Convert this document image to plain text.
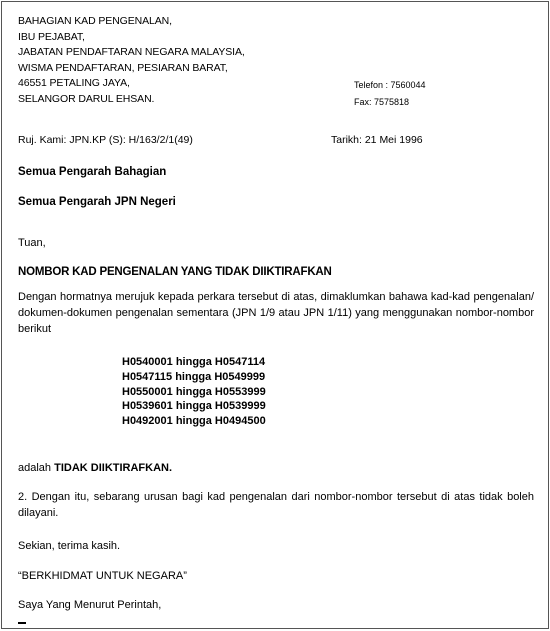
BAHAGIAN KAD PENGENALAN,
IBU PEJABAT,
JABATAN PENDAFTARAN NEGARA MALAYSIA,
WISMA PENDAFTARAN, PESIARAN BARAT,
46551 PETALING JAYA,
SELANGOR DARUL EHSAN.
Telefon : 7560044
Fax: 7575818
Ruj. Kami: JPN.KP (S): H/163/2/1(49)	Tarikh: 21 Mei 1996
Semua Pengarah Bahagian
Semua Pengarah JPN Negeri
Tuan,
NOMBOR KAD PENGENALAN YANG TIDAK DIIKTIRAFKAN

Dengan hormatnya merujuk kepada perkara tersebut di atas, dimaklumkan bahawa kad-kad pengenalan/ dokumen-dokumen pengenalan sementara (JPN 1/9 atau JPN 1/11) yang menggunakan nombor-nombor berikut

H0540001 hingga H0547114
H0547115 hingga H0549999
H0550001 hingga H0553999
H0539601 hingga H0539999
H0492001 hingga H0494500
adalah TIDAK DIIKTIRAFKAN.

2. Dengan itu, sebarang urusan bagi kad pengenalan dari nombor-nombor tersebut di atas tidak boleh dilayani.

Sekian, terima kasih.
“BERKHIDMAT UNTUK NEGARA”
Saya Yang Menurut Perintah,
